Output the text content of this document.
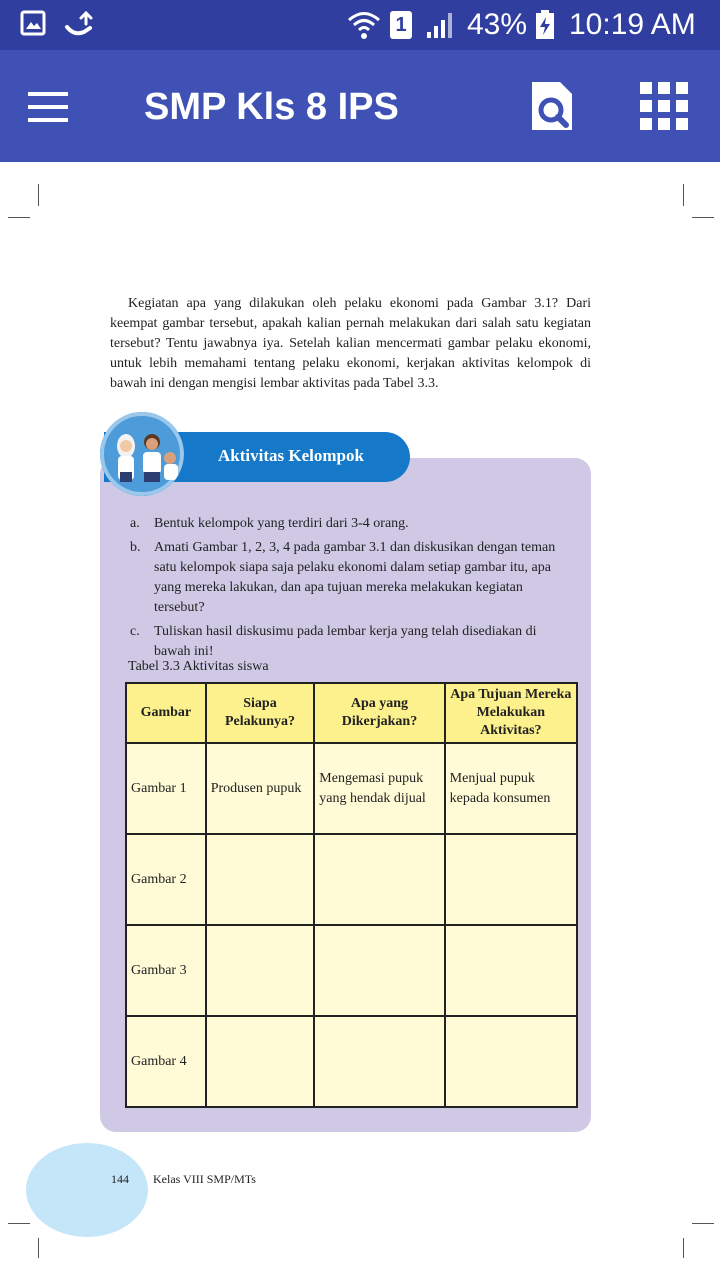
1 43% 10:19 AM
SMP Kls 8 IPS

Kegiatan apa yang dilakukan oleh pelaku ekonomi pada Gambar 3.1? Dari keempat gambar tersebut, apakah kalian pernah melakukan dari salah satu kegiatan tersebut? Tentu jawabnya iya. Setelah kalian mencermati gambar pelaku ekonomi, untuk lebih memahami tentang pelaku ekonomi, kerjakan aktivitas kelompok di bawah ini dengan mengisi lembar aktivitas pada Tabel 3.3.

Aktivitas Kelompok
a. Bentuk kelompok yang terdiri dari 3-4 orang.
b. Amati Gambar 1, 2, 3, 4 pada gambar 3.1 dan diskusikan dengan teman satu kelompok siapa saja pelaku ekonomi dalam setiap gambar itu, apa yang mereka lakukan, dan apa tujuan mereka melakukan kegiatan tersebut?
c. Tuliskan hasil diskusimu pada lembar kerja yang telah disediakan di bawah ini!
Tabel 3.3 Aktivitas siswa
Gambar	Siapa Pelakunya?	Apa yang Dikerjakan?	Apa Tujuan Mereka Melakukan Aktivitas?
Gambar 1	Produsen pupuk	Mengemasi pupuk yang hendak dijual	Menjual pupuk kepada konsumen
Gambar 2			
Gambar 3			
Gambar 4			
144 Kelas VIII SMP/MTs
